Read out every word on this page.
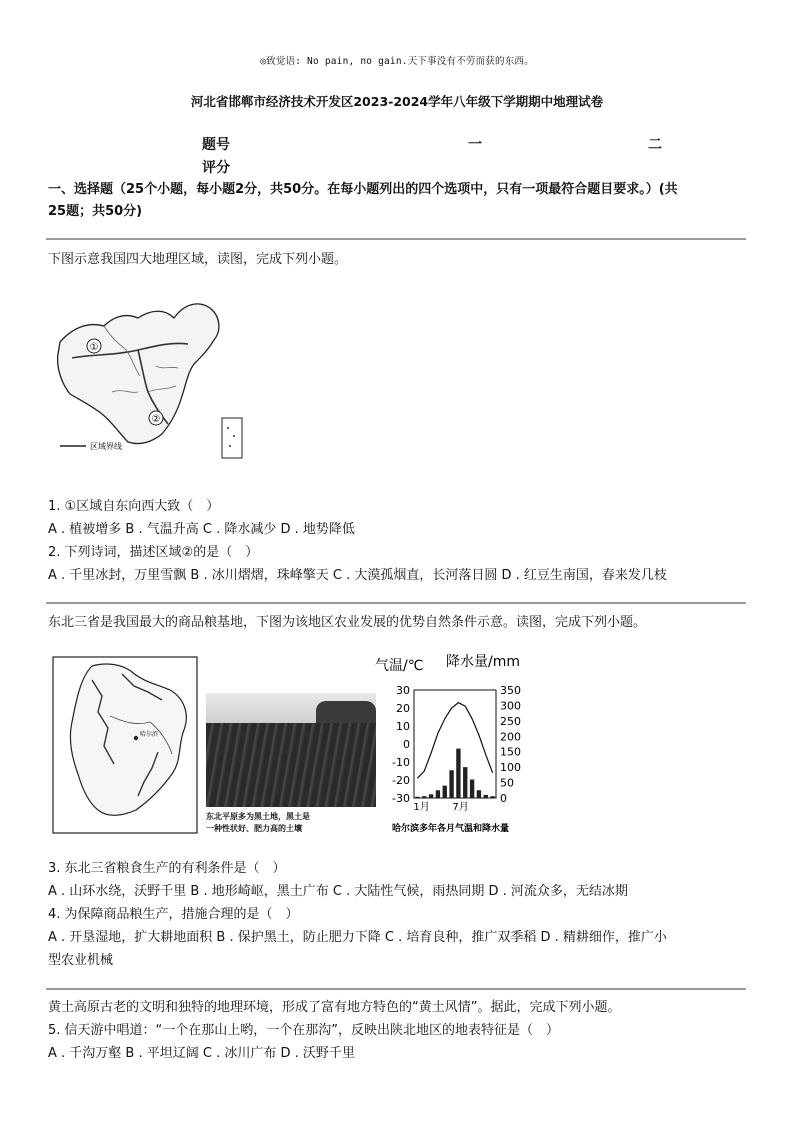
◎致觉语: No pain, no gain.天下事没有不劳而获的东西。
河北省邯郸市经济技术开发区2023-2024学年八年级下学期期中地理试卷
题号
评分
一	二
一、选择题（25个小题，每小题2分，共50分。在每小题列出的四个选项中，只有一项最符合题目要求。）(共
25题；共50分)
下图示意我国四大地理区域，读图，完成下列小题。
①
②
区域界线
1. ①区域自东向西大致（　）
A . 植被增多 B . 气温升高 C . 降水减少 D . 地势降低
2. 下列诗词，描述区域②的是（　）
A . 千里冰封，万里雪飘 B . 冰川熠熠，珠峰擎天 C . 大漠孤烟直，长河落日圆 D . 红豆生南国，春来发几枝
东北三省是我国最大的商品粮基地，下图为该地区农业发展的优势自然条件示意。读图，完成下列小题。
哈尔滨
东北平原多为黑土地，黑土是
一种性状好、肥力高的土壤
气温/℃ 降水量/mm
30
20
10
0
-10
-20
-30
350
300
250
200
150
100
50
0
1月 7月
哈尔滨多年各月气温和降水量
3. 东北三省粮食生产的有利条件是（　）
A . 山环水绕，沃野千里 B . 地形崎岖，黑土广布 C . 大陆性气候，雨热同期 D . 河流众多，无结冰期
4. 为保障商品粮生产，措施合理的是（　）
A . 开垦湿地，扩大耕地面积 B . 保护黑土，防止肥力下降 C . 培育良种，推广双季稻 D . 精耕细作，推广小
型农业机械
黄土高原古老的文明和独特的地理环境，形成了富有地方特色的“黄土风情”。据此，完成下列小题。
5. 信天游中唱道：“一个在那山上哟，一个在那沟”，反映出陕北地区的地表特征是（　）
A . 千沟万壑 B . 平坦辽阔 C . 冰川广布 D . 沃野千里
